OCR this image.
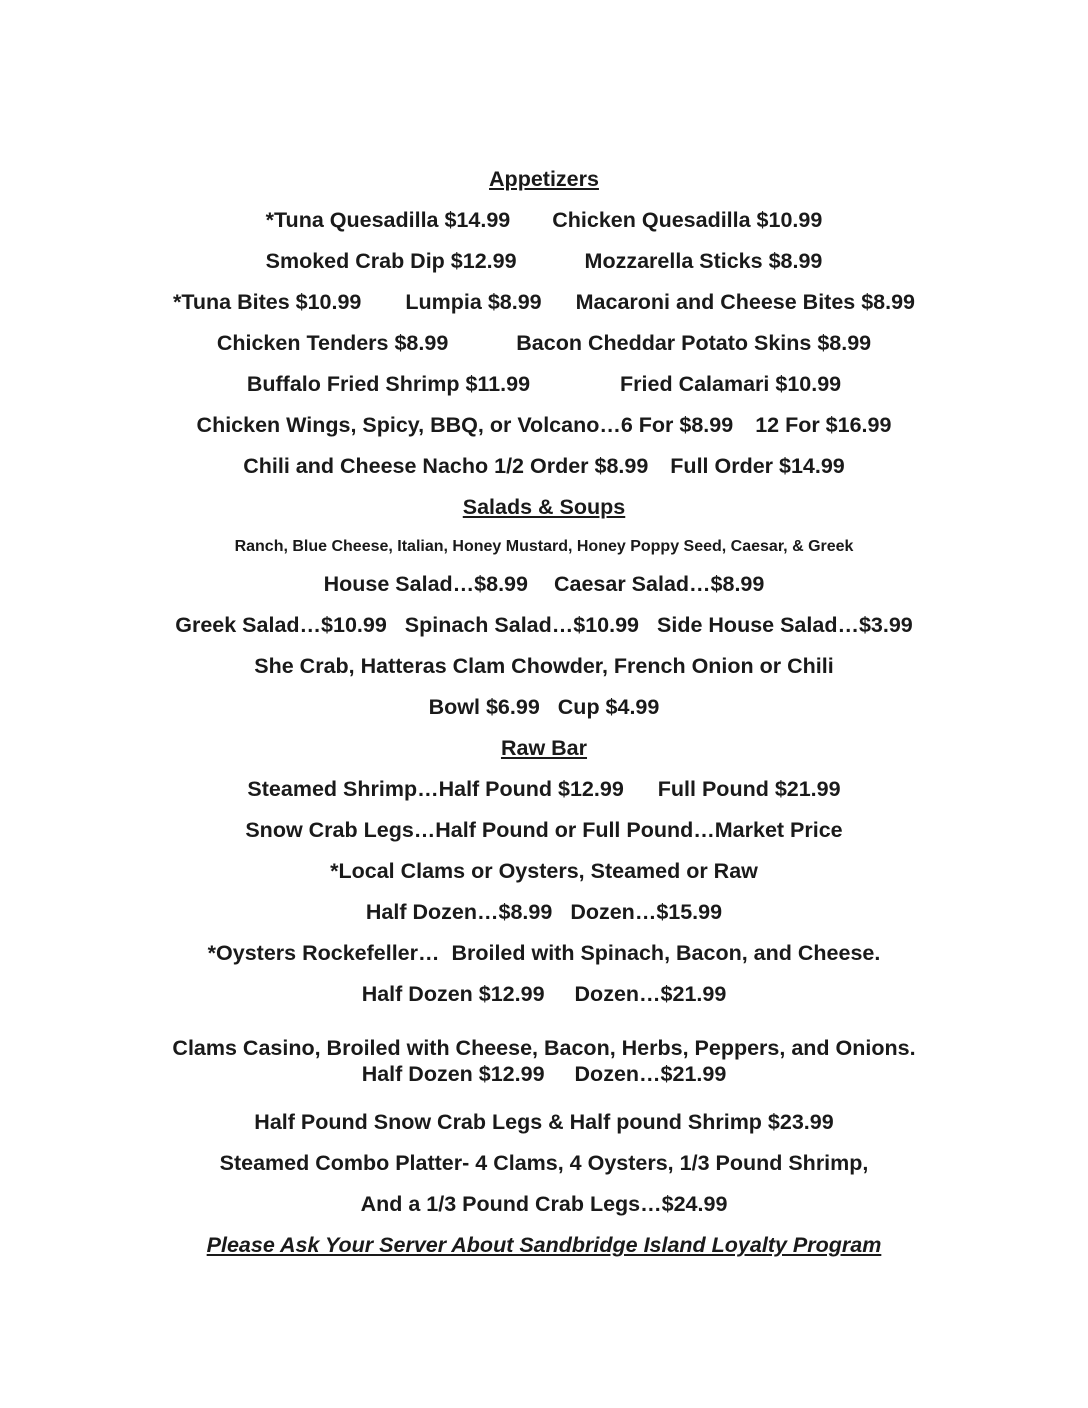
Appetizers
*Tuna Quesadilla $14.99 Chicken Quesadilla $10.99
Smoked Crab Dip $12.99	Mozzarella Sticks $8.99
*Tuna Bites $10.99 Lumpia $8.99 Macaroni and Cheese Bites $8.99
Chicken Tenders $8.99	Bacon Cheddar Potato Skins $8.99
Buffalo Fried Shrimp $11.99	Fried Calamari $10.99
Chicken Wings, Spicy, BBQ, or Volcano…6 For $8.99 12 For $16.99
Chili and Cheese Nacho 1/2 Order $8.99 Full Order $14.99
Salads & Soups
Ranch, Blue Cheese, Italian, Honey Mustard, Honey Poppy Seed, Caesar, & Greek
House Salad…$8.99 Caesar Salad…$8.99
Greek Salad…$10.99 Spinach Salad…$10.99 Side House Salad…$3.99
She Crab, Hatteras Clam Chowder, French Onion or Chili
Bowl $6.99 Cup $4.99
Raw Bar
Steamed Shrimp…Half Pound $12.99 Full Pound $21.99
Snow Crab Legs…Half Pound or Full Pound…Market Price
*Local Clams or Oysters, Steamed or Raw
Half Dozen…$8.99 Dozen…$15.99
*Oysters Rockefeller…  Broiled with Spinach, Bacon, and Cheese.
Half Dozen $12.99 Dozen…$21.99
Clams Casino, Broiled with Cheese, Bacon, Herbs, Peppers, and Onions.
Half Dozen $12.99 Dozen…$21.99
Half Pound Snow Crab Legs & Half pound Shrimp $23.99
Steamed Combo Platter- 4 Clams, 4 Oysters, 1/3 Pound Shrimp,
And a 1/3 Pound Crab Legs…$24.99
Please Ask Your Server About Sandbridge Island Loyalty Program
